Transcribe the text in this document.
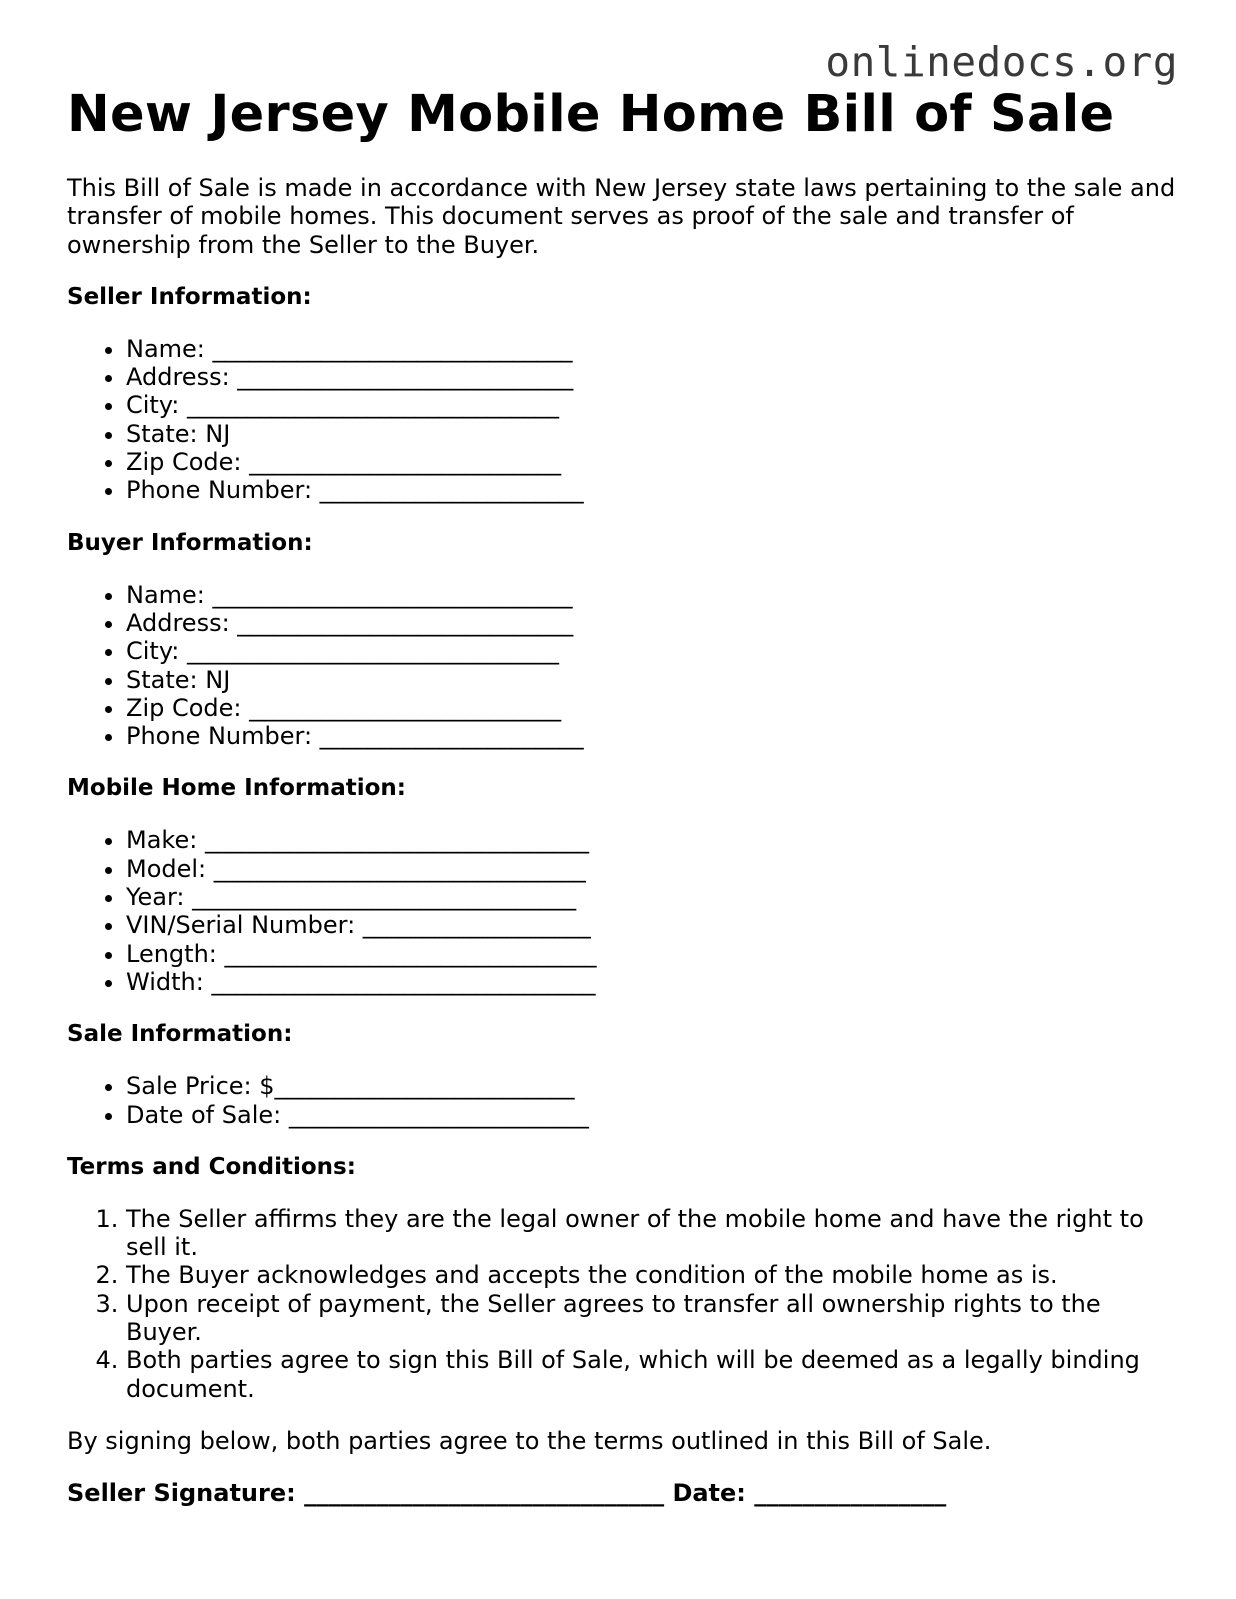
onlinedocs.org
New Jersey Mobile Home Bill of Sale

This Bill of Sale is made in accordance with New Jersey state laws pertaining to the sale and transfer of mobile homes. This document serves as proof of the sale and transfer of ownership from the Seller to the Buyer.

Seller Information:
• Name: ______________________________
• Address: ____________________________
• City: _______________________________
• State: NJ
• Zip Code: __________________________
• Phone Number: ______________________
Buyer Information:
• Name: ______________________________
• Address: ____________________________
• City: _______________________________
• State: NJ
• Zip Code: __________________________
• Phone Number: ______________________
Mobile Home Information:
• Make: ________________________________
• Model: _______________________________
• Year: ________________________________
• VIN/Serial Number: ___________________
• Length: _______________________________
• Width: ________________________________
Sale Information:
• Sale Price: $_________________________
• Date of Sale: _________________________
Terms and Conditions:
1. The Seller affirms they are the legal owner of the mobile home and have the right to sell it.
2. The Buyer acknowledges and accepts the condition of the mobile home as is.
3. Upon receipt of payment, the Seller agrees to transfer all ownership rights to the Buyer.
4. Both parties agree to sign this Bill of Sale, which will be deemed as a legally binding document.

By signing below, both parties agree to the terms outlined in this Bill of Sale.

Seller Signature: ______________________________ Date: ________________
